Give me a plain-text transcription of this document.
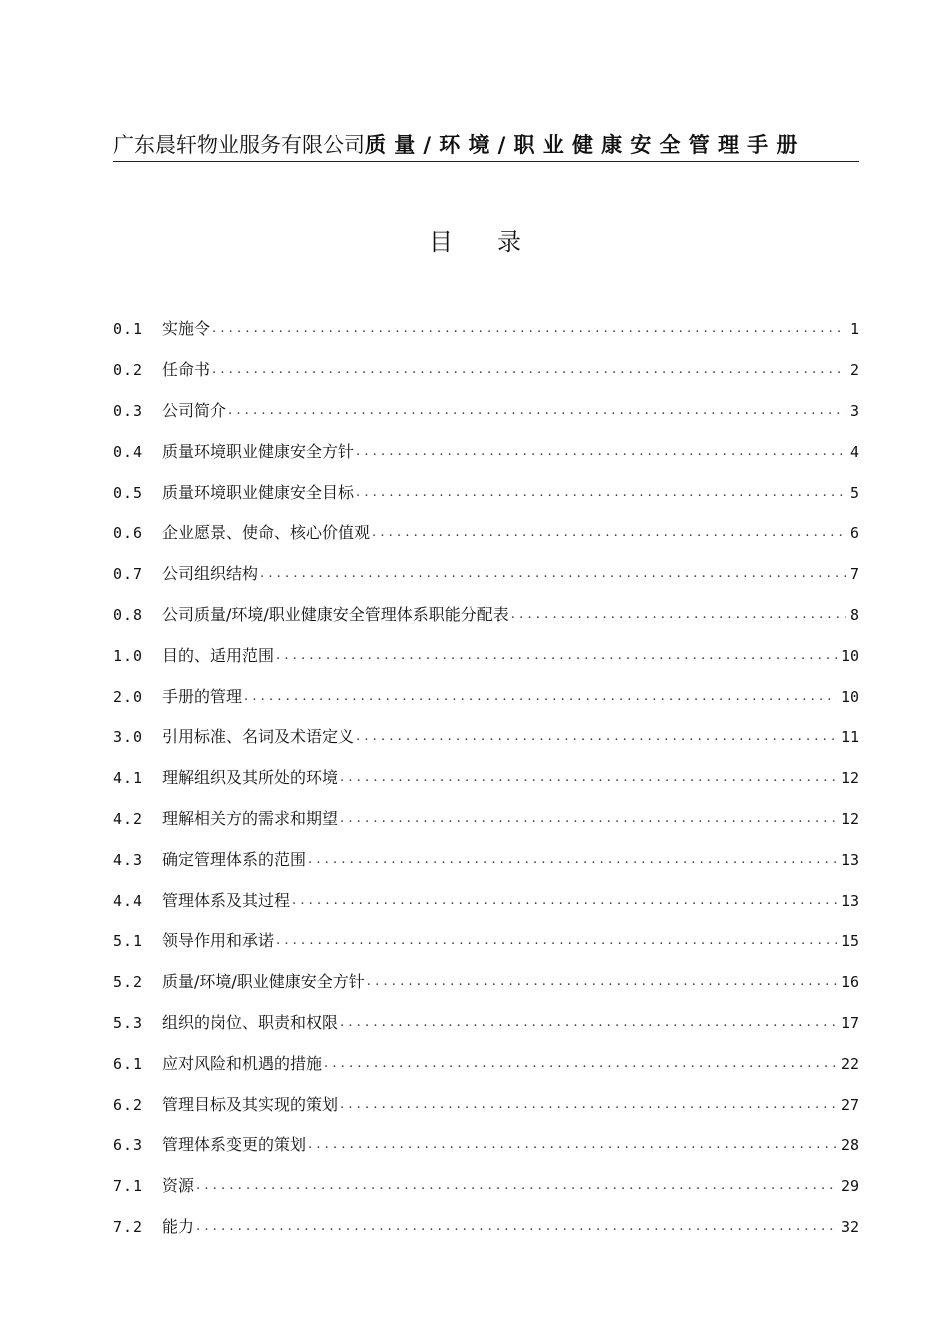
广东晨轩物业服务有限公司 质量/环境/职业健康安全管理手册
目 录
0.1	实施令 .....	1
0.2	任命书 .....	2
0.3	公司简介 .....	3
0.4	质量环境职业健康安全方针 .....	4
0.5	质量环境职业健康安全目标 .....	5
0.6	企业愿景、使命、核心价值观 .....	6
0.7	公司组织结构 .....	7
0.8	公司质量/环境/职业健康安全管理体系职能分配表 .....	8
1.0	目的、适用范围 .....	10
2.0	手册的管理 .....	10
3.0	引用标准、名词及术语定义 .....	11
4.1	理解组织及其所处的环境 .....	12
4.2	理解相关方的需求和期望 .....	12
4.3	确定管理体系的范围 .....	13
4.4	管理体系及其过程 .....	13
5.1	领导作用和承诺 .....	15
5.2	质量/环境/职业健康安全方针 .....	16
5.3	组织的岗位、职责和权限 .....	17
6.1	应对风险和机遇的措施 .....	22
6.2	管理目标及其实现的策划 .....	27
6.3	管理体系变更的策划 .....	28
7.1	资源 .....	29
7.2	能力 .....	32
